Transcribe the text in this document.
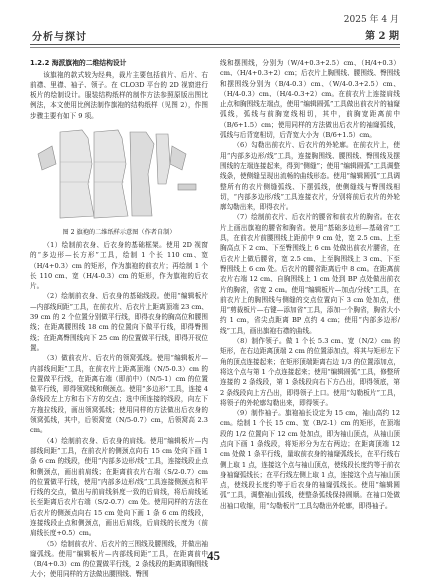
分析与探讨
2025 年 4 月
第 2 期
1.2.2 海派旗袍的二维结构设计

该旗袍的款式较为经典，裁片主要包括前片、后片、右前襟、里襟、袖子、领子。在 CLO3D 平台的 2D 视窗进行板片的绘制设计。服装结构纸样的制作方法参照原版出图比例法，本文使用比例法制作旗袍的结构纸样（见图 2），作图步骤主要有如下 9 项。

图 2 旗袍的二维纸样示意图（作者自制）

（1）绘制前衣身、后衣身的基础框架。使用 2D 视窗的“多边形—长方形”工具，绘制 1 个长 110 cm、宽（H/4+0.3）cm 的矩形，作为旗袍的前衣片；再绘制 1 个长 110 cm、宽（H/4-0.3）cm 的矩形，作为旗袍的后衣片。

（2）绘制前衣身、后衣身的基础线段。使用“编辑板片—内部线间距”工具，在前衣片、后衣片上距离顶端 23 cm、39 cm 的 2 个位置分别做平行线，即得衣身的胸高位和腰围线；在距离腰围线 18 cm 的位置向下做平行线，即得臀围线；在距离臀围线向下 25 cm 的位置做平行线，即得开衩位置。

（3）做前衣片、后衣片的领窝弧线。使用“编辑板片—内部线间距”工具，在前衣片上距离顶端（N/5-0.3）cm 的位置做平行线，在距离右端（即前中）（N/5-1）cm 的位置做平行线，即得领窝线和侧颈点。使用“多边形”工具，连接 4 条线段左上方和右下方的交点；选中所连接的线段，向左下方拖拉线段，画出领窝弧线；使用同样的方法做出后衣身的领窝弧线，其中，后领窝宽（N/5-0.7）cm，后领窝高 2.3 cm。

（4）绘制前衣身、后衣身的肩线。使用“编辑板片—内部线间距”工具，在前衣片的侧颈点向右 15 cm 处向下画 1 条 6 cm 的线段，使用“内部多边形/线”工具，连接线段止点和侧颈点，画出前肩线；在距离前衣片右端（S/2-0.7）cm 的位置做平行线，使用“内部多边形/线”工具连接侧颈点和平行线的交点，做出与前肩线斜度一致的后肩线，将后肩线延长至距离后衣片右端（S/2-0.7）cm 处。使用同样的方法在后衣片的侧颈点向右 15 cm 处向下画 1 条 6 cm 的线段，连接线段止点和侧颈点，画出后肩线，后肩线的长度为（前肩线长度+0.5）cm。

（5）绘制前衣片、后衣片的三围线及腰围线，并做出袖窿弧线。使用“编辑板片—内部线间距”工具，在距离前中（B/4+0.3）cm 的位置做平行线，2 条线段的距离即胸围线大小；使用同样的方法做出腰围线、臀围

线和摆围线，分别为（W/4+0.3+2.5）cm、（H/4+0.3）cm、（H/4+0.3+2）cm；后衣片上胸围线、腰围线、臀围线和摆围线分别为（B/4-0.3）cm、（W/4-0.3+2.5）cm、（H/4-0.3）cm、（H/4-0.3+2）cm。在前衣片上连接肩线止点和胸围线左端点，使用“编辑圆弧”工具做出前衣片的袖窿弧线，弧线与前胸宽线相切，其中，前胸宽距离前中（B/6+1.5）cm；使用同样的方法做出后衣片的袖窿弧线，弧线与后背宽相切，后背宽大小为（B/6+1.5）cm。

（6）勾勒出前衣片、后衣片的外轮廓。在前衣片上，使用“内部多边形/线”工具，连接胸围线、腰围线、臀围线及摆围线的左端连接起来，得到“侧缝”；使用“编辑圆弧”工具调整线条，使侧缝呈现出流畅的曲线形态。使用“编辑圆弧”工具调整所有的衣片侧缝弧线、下摆弧线，使侧缝线与臀围线相切，“内部多边形/线”工具连接衣片，分别将前后衣片的外轮廓勾勒出来，即得衣片。

（7）绘制前衣片、后衣片的腰省和前衣片的胸省。在衣片上画出旗袍的腰省和胸省。使用“基础多边形—基础省”工具，在前衣片前腰围线上距前中 9 cm 处，宽 2.5 cm、上至胸高点下 2 cm、下至臀围线上 6 cm 处做出前衣片腰省，在后衣片上做后腰省，宽 2.5 cm、上至胸围线上 3 cm、下至臀围线上 6 cm 处。后衣片的腰省距离后中 8 cm。在距离前衣片右端 12 cm、自胸围线上 1 cm 处到 BP 点处做出前衣片的胸省，省宽 2 cm。使用“编辑板片—加点/分线”工具，在前衣片上的胸围线与侧缝的交点位置向下 3 cm 处加点，使用“剪裁板片—右键—添加省”工具，添加一个胸省，胸省大小约 1 cm，省尖点距离 BP 点约 4 cm；使用“内部多边形/线”工具，画出旗袍右襟的曲线。

（8）制作领子。做 1 个长 5.3 cm、宽（N/2）cm 的矩形，在右边距离顶端 2 cm 的位置添加点，将其与矩形左下角的顶点连接起来；在矩形顶端距离右边 1/3 的位置添加点，将这个点与第 1 个点连接起来；使用“编辑圆弧”工具，修整所连接的 2 条线段，第 1 条线段向右下方凸出，即得领底，第 2 条线段向上方凸出，即得领子上口。使用“勾勒板片”工具，将领子的外轮廓勾勒出来，即得领子。

（9）制作袖子。旗袍袖长设定为 15 cm，袖山高约 12 cm。绘制 1 个长 15 cm、宽（B/2-1）cm 的矩形，在顶端段的 1/2 位置向下 12 cm 处加点，即为袖山顶点，从袖山顶点向下画 1 条线段，将矩形分为左右两边；在距离顶端 12 cm 处做 1 条平行线，量取前衣身的袖窿弧线长，在平行线右侧上取 1 点，连接这个点与袖山顶点，使线段长度约等于前衣身袖窿弧线长；在平行线左侧上取 1 点，连接这个点与袖山顶点，使线段长度约等于后衣身的袖窿弧线长。使用“编辑圆弧”工具，调整袖山弧线，使整条弧线保持圆顺。在袖口处做出袖口收缩，用“勾勒板片”工具勾勒出外轮廓，即得袖子。

45
